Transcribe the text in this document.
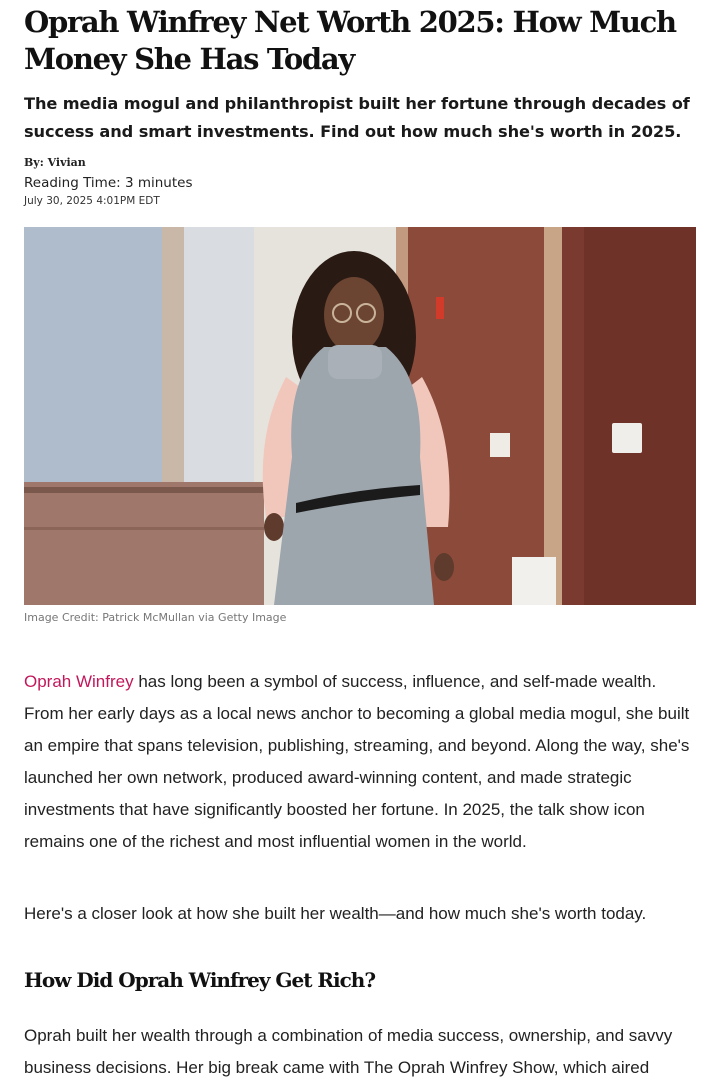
Oprah Winfrey Net Worth 2025: How Much Money She Has Today

The media mogul and philanthropist built her fortune through decades of success and smart investments. Find out how much she's worth in 2025.

By: Vivian
Reading Time: 3 minutes
July 30, 2025 4:01PM EDT
Image Credit: Patrick McMullan via Getty Image

Oprah Winfrey has long been a symbol of success, influence, and self-made wealth. From her early days as a local news anchor to becoming a global media mogul, she built an empire that spans television, publishing, streaming, and beyond. Along the way, she's launched her own network, produced award-winning content, and made strategic investments that have significantly boosted her fortune. In 2025, the talk show icon remains one of the richest and most influential women in the world.

Here's a closer look at how she built her wealth—and how much she's worth today.

How Did Oprah Winfrey Get Rich?

Oprah built her wealth through a combination of media success, ownership, and savvy business decisions. Her big break came with The Oprah Winfrey Show, which aired
